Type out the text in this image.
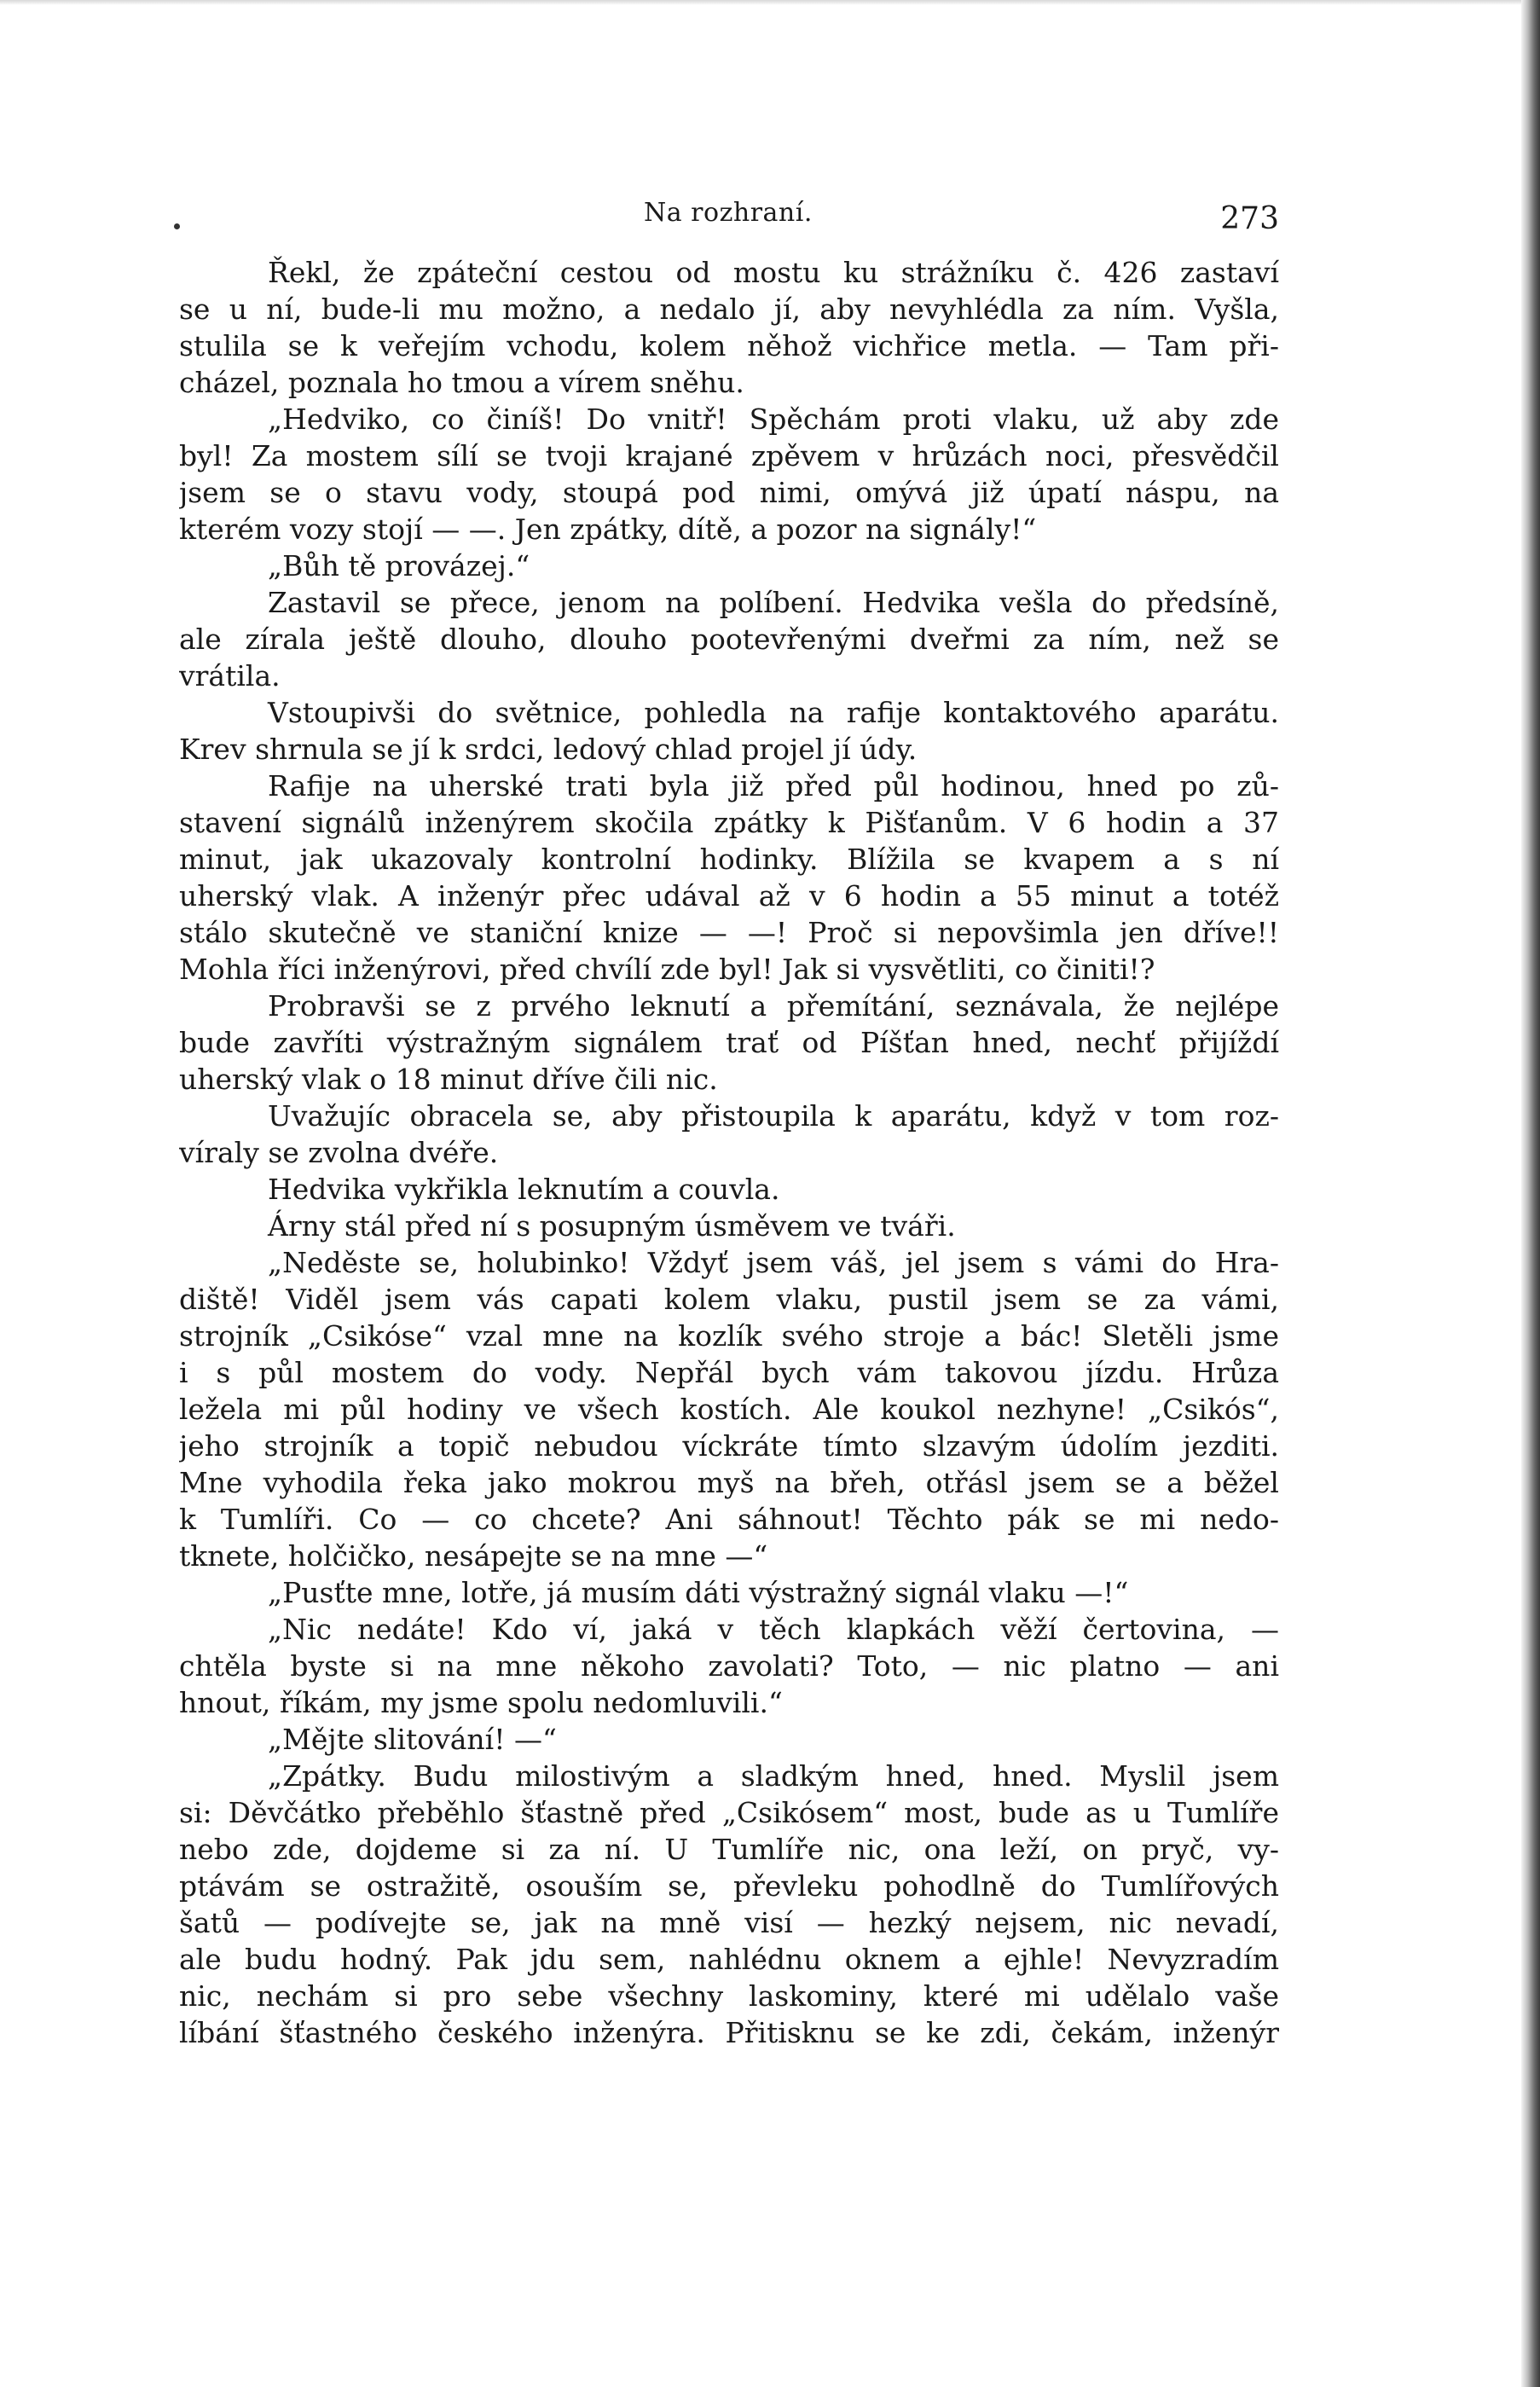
Na rozhraní.	273
Řekl, že zpáteční cestou od mostu ku strážníku č. 426 zastaví
se u ní, bude-li mu možno, a nedalo jí, aby nevyhlédla za ním. Vyšla,
stulila se k veřejím vchodu, kolem něhož vichřice metla. — Tam při-
cházel, poznala ho tmou a vírem sněhu.
„Hedviko, co činíš! Do vnitř! Spěchám proti vlaku, už aby zde
byl! Za mostem sílí se tvoji krajané zpěvem v hrůzách noci, přesvědčil
jsem se o stavu vody, stoupá pod nimi, omývá již úpatí náspu, na
kterém vozy stojí — —. Jen zpátky, dítě, a pozor na signály!“
„Bůh tě provázej.“
Zastavil se přece, jenom na políbení. Hedvika vešla do předsíně,
ale zírala ještě dlouho, dlouho pootevřenými dveřmi za ním, než se
vrátila.
Vstoupivši do světnice, pohledla na rafije kontaktového aparátu.
Krev shrnula se jí k srdci, ledový chlad projel jí údy.
Rafije na uherské trati byla již před půl hodinou, hned po zů-
stavení signálů inženýrem skočila zpátky k Pišťanům. V 6 hodin a 37
minut, jak ukazovaly kontrolní hodinky. Blížila se kvapem a s ní
uherský vlak. A inženýr přec udával až v 6 hodin a 55 minut a totéž
stálo skutečně ve staniční knize — —! Proč si nepovšimla jen dříve!!
Mohla říci inženýrovi, před chvílí zde byl! Jak si vysvětliti, co činiti!?
Probravši se z prvého leknutí a přemítání, seznávala, že nejlépe
bude zavříti výstražným signálem trať od Píšťan hned, nechť přijíždí
uherský vlak o 18 minut dříve čili nic.
Uvažujíc obracela se, aby přistoupila k aparátu, když v tom roz-
víraly se zvolna dvéře.
Hedvika vykřikla leknutím a couvla.
Árny stál před ní s posupným úsměvem ve tváři.
„Neděste se, holubinko! Vždyť jsem váš, jel jsem s vámi do Hra-
diště! Viděl jsem vás capati kolem vlaku, pustil jsem se za vámi,
strojník „Csikóse“ vzal mne na kozlík svého stroje a bác! Sletěli jsme
i s půl mostem do vody. Nepřál bych vám takovou jízdu. Hrůza
ležela mi půl hodiny ve všech kostích. Ale koukol nezhyne! „Csikós“,
jeho strojník a topič nebudou víckráte tímto slzavým údolím jezditi.
Mne vyhodila řeka jako mokrou myš na břeh, otřásl jsem se a běžel
k Tumlíři. Co — co chcete? Ani sáhnout! Těchto pák se mi nedo-
tknete, holčičko, nesápejte se na mne —“
„Pusťte mne, lotře, já musím dáti výstražný signál vlaku —!“
„Nic nedáte! Kdo ví, jaká v těch klapkách věží čertovina, —
chtěla byste si na mne někoho zavolati? Toto, — nic platno — ani
hnout, říkám, my jsme spolu nedomluvili.“
„Mějte slitování! —“
„Zpátky. Budu milostivým a sladkým hned, hned. Myslil jsem
si: Děvčátko přeběhlo šťastně před „Csikósem“ most, bude as u Tumlíře
nebo zde, dojdeme si za ní. U Tumlíře nic, ona leží, on pryč, vy-
ptávám se ostražitě, osouším se, převleku pohodlně do Tumlířových
šatů — podívejte se, jak na mně visí — hezký nejsem, nic nevadí,
ale budu hodný. Pak jdu sem, nahlédnu oknem a ejhle! Nevyzradím
nic, nechám si pro sebe všechny laskominy, které mi udělalo vaše
líbání šťastného českého inženýra. Přitisknu se ke zdi, čekám, inženýr
